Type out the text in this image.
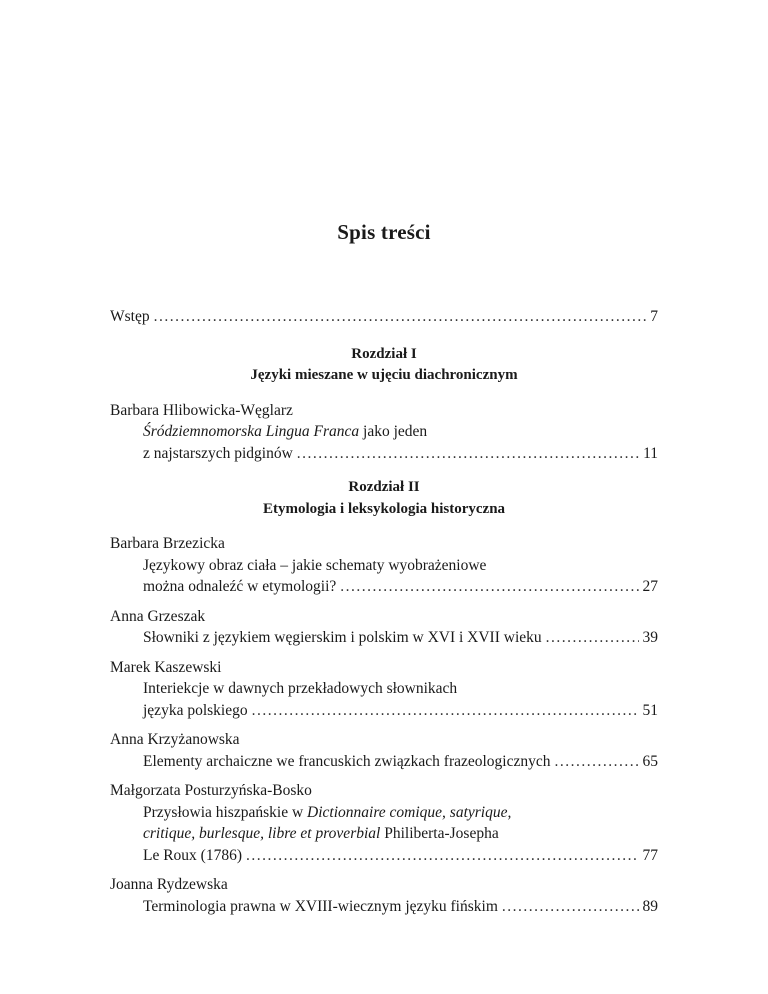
Spis treści
Wstęp .....	7
Rozdział I
Języki mieszane w ujęciu diachronicznym
Barbara Hlibowicka-Węglarz
Śródziemnomorska Lingua Franca jako jeden
z najstarszych pidginów .....	11
Rozdział II
Etymologia i leksykologia historyczna
Barbara Brzezicka
Językowy obraz ciała – jakie schematy wyobrażeniowe
można odnaleźć w etymologii? .....	27
Anna Grzeszak
Słowniki z językiem węgierskim i polskim w XVI i XVII wieku .....	39
Marek Kaszewski
Interiekcje w dawnych przekładowych słownikach
języka polskiego .....	51
Anna Krzyżanowska
Elementy archaiczne we francuskich związkach frazeologicznych .....	65
Małgorzata Posturzyńska-Bosko
Przysłowia hiszpańskie w Dictionnaire comique, satyrique,
critique, burlesque, libre et proverbial Philiberta-Josepha
Le Roux (1786) .....	77
Joanna Rydzewska
Terminologia prawna w XVIII-wiecznym języku fińskim .....	89
